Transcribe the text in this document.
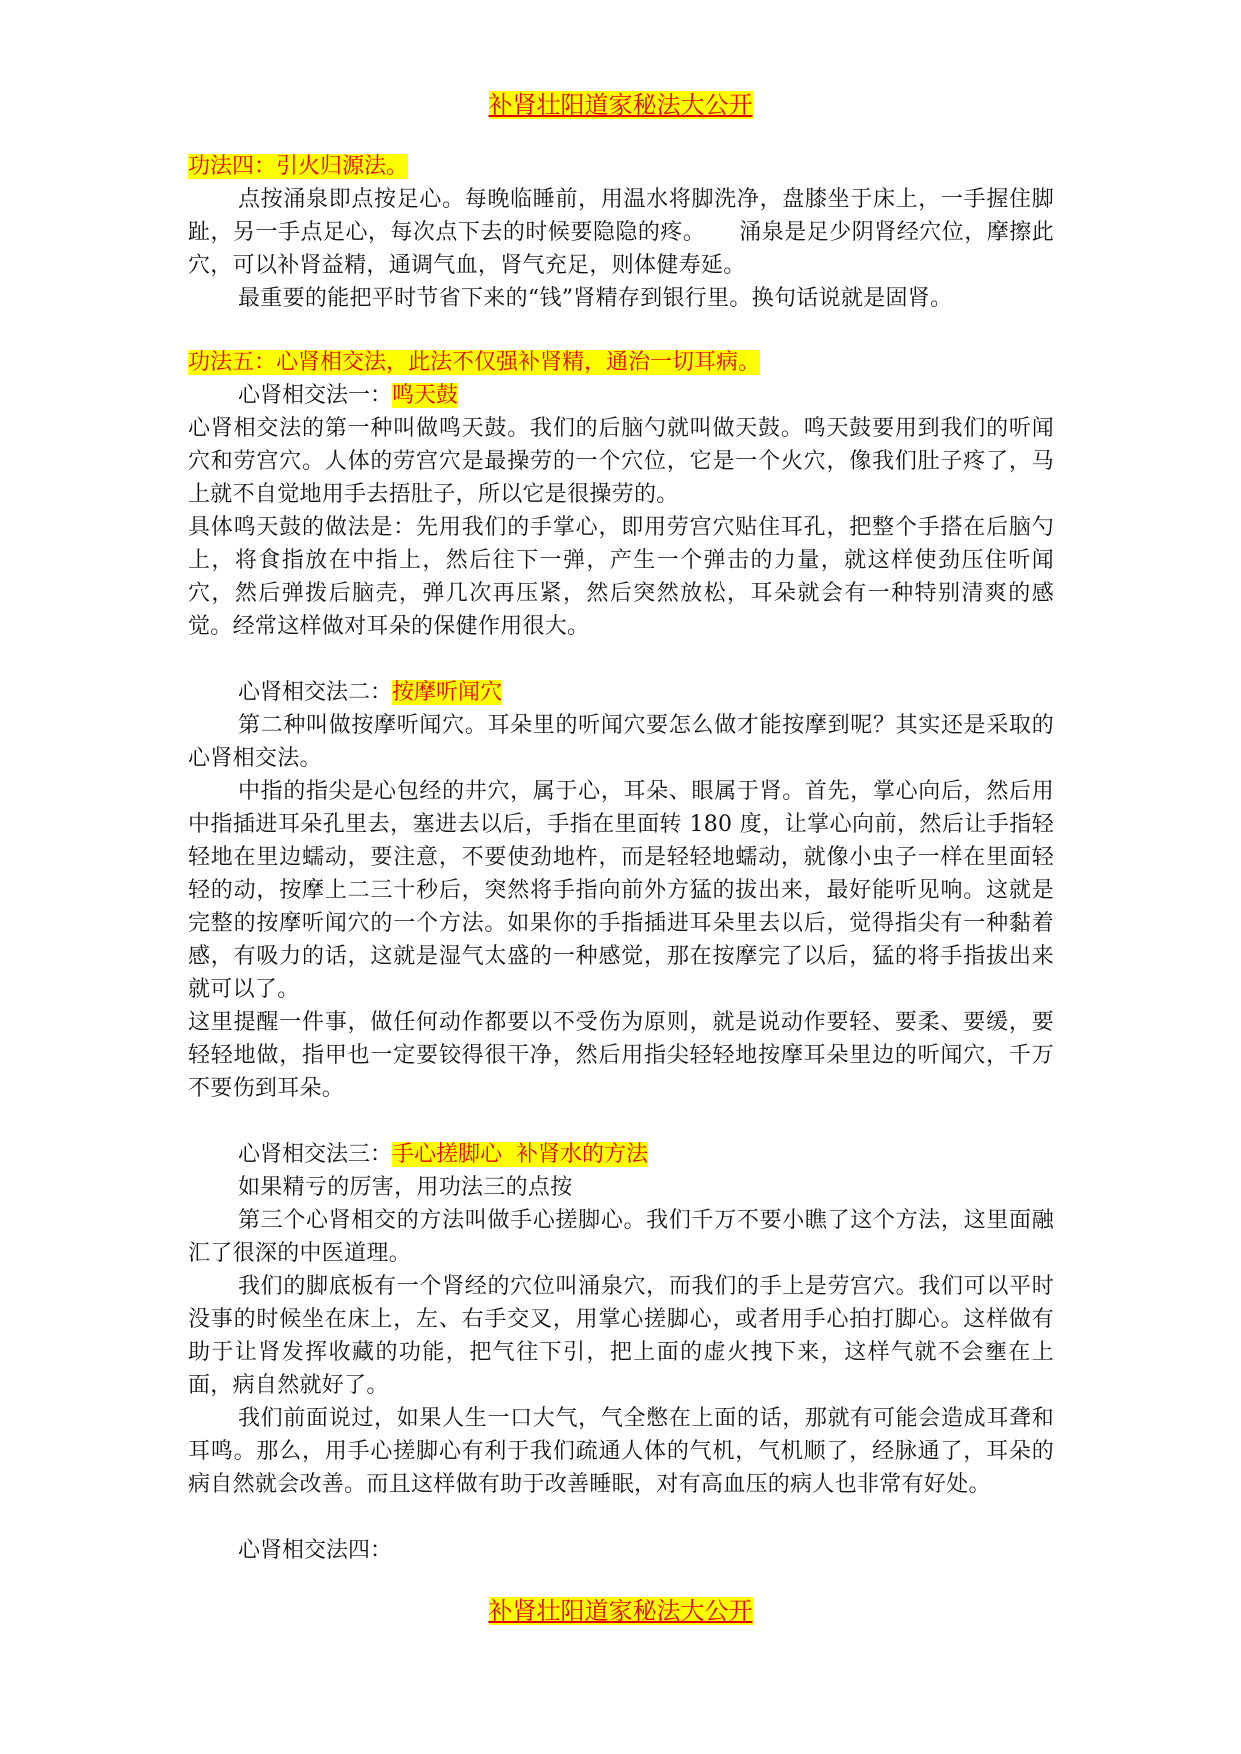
补肾壮阳道家秘法大公开

功法四：引火归源法。

点按涌泉即点按足心。每晚临睡前，用温水将脚洗净，盘膝坐于床上，一手握住脚趾，另一手点足心，每次点下去的时候要隐隐的疼。　　涌泉是足少阴肾经穴位，摩擦此穴，可以补肾益精，通调气血，肾气充足，则体健寿延。

最重要的能把平时节省下来的“钱”肾精存到银行里。换句话说就是固肾。

功法五：心肾相交法，此法不仅强补肾精，通治一切耳病。

心肾相交法一：鸣天鼓

心肾相交法的第一种叫做鸣天鼓。我们的后脑勺就叫做天鼓。鸣天鼓要用到我们的听闻穴和劳宫穴。人体的劳宫穴是最操劳的一个穴位，它是一个火穴，像我们肚子疼了，马上就不自觉地用手去捂肚子，所以它是很操劳的。

具体鸣天鼓的做法是：先用我们的手掌心，即用劳宫穴贴住耳孔，把整个手搭在后脑勺上，将食指放在中指上，然后往下一弹，产生一个弹击的力量，就这样使劲压住听闻穴，然后弹拨后脑壳，弹几次再压紧，然后突然放松，耳朵就会有一种特别清爽的感觉。经常这样做对耳朵的保健作用很大。

心肾相交法二：按摩听闻穴

第二种叫做按摩听闻穴。耳朵里的听闻穴要怎么做才能按摩到呢？其实还是采取的心肾相交法。

中指的指尖是心包经的井穴，属于心，耳朵、眼属于肾。首先，掌心向后，然后用中指插进耳朵孔里去，塞进去以后，手指在里面转 180 度，让掌心向前，然后让手指轻轻地在里边蠕动，要注意，不要使劲地杵，而是轻轻地蠕动，就像小虫子一样在里面轻轻的动，按摩上二三十秒后，突然将手指向前外方猛的拔出来，最好能听见响。这就是完整的按摩听闻穴的一个方法。如果你的手指插进耳朵里去以后，觉得指尖有一种黏着感，有吸力的话，这就是湿气太盛的一种感觉，那在按摩完了以后，猛的将手指拔出来就可以了。

这里提醒一件事，做任何动作都要以不受伤为原则，就是说动作要轻、要柔、要缓，要轻轻地做，指甲也一定要铰得很干净，然后用指尖轻轻地按摩耳朵里边的听闻穴，千万不要伤到耳朵。

心肾相交法三：手心搓脚心  补肾水的方法

如果精亏的厉害，用功法三的点按

第三个心肾相交的方法叫做手心搓脚心。我们千万不要小瞧了这个方法，这里面融汇了很深的中医道理。

我们的脚底板有一个肾经的穴位叫涌泉穴，而我们的手上是劳宫穴。我们可以平时没事的时候坐在床上，左、右手交叉，用掌心搓脚心，或者用手心拍打脚心。这样做有助于让肾发挥收藏的功能，把气往下引，把上面的虚火拽下来，这样气就不会壅在上面，病自然就好了。

我们前面说过，如果人生一口大气，气全憋在上面的话，那就有可能会造成耳聋和耳鸣。那么，用手心搓脚心有利于我们疏通人体的气机，气机顺了，经脉通了，耳朵的病自然就会改善。而且这样做有助于改善睡眠，对有高血压的病人也非常有好处。

心肾相交法四：

补肾壮阳道家秘法大公开
